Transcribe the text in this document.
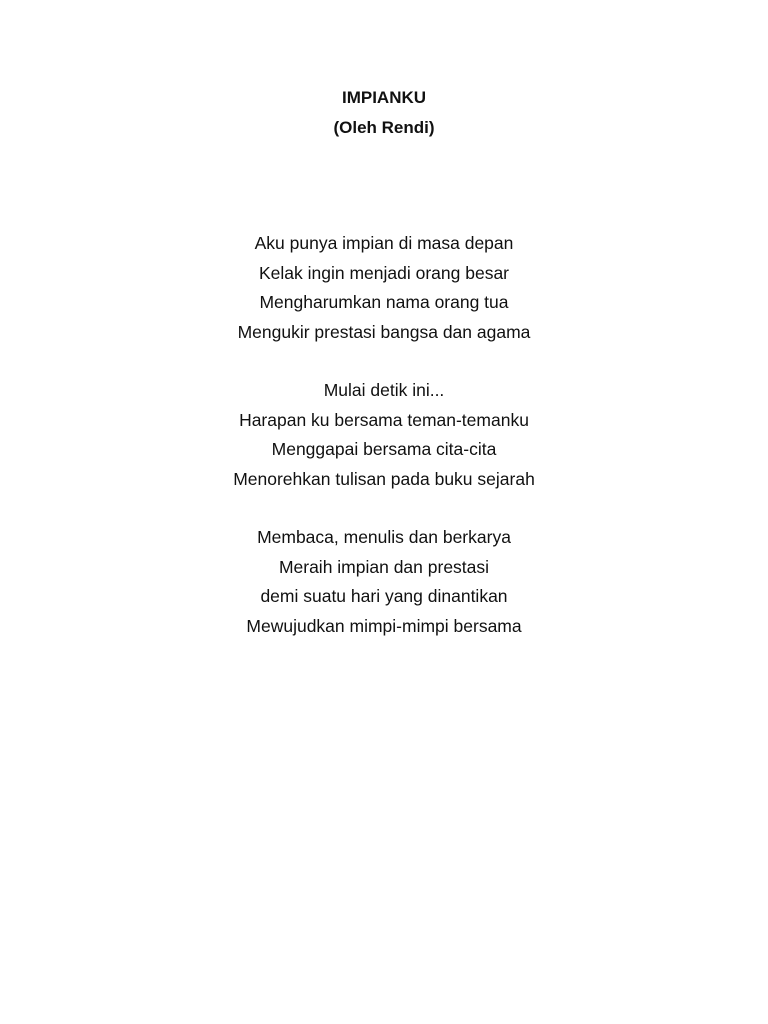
IMPIANKU
(Oleh Rendi)
Aku punya impian di masa depan
Kelak ingin menjadi orang besar
Mengharumkan nama orang tua
Mengukir prestasi bangsa dan agama
Mulai detik ini...
Harapan ku bersama teman-temanku
Menggapai bersama cita-cita
Menorehkan tulisan pada buku sejarah
Membaca, menulis dan berkarya
Meraih impian dan prestasi
demi suatu hari yang dinantikan
Mewujudkan mimpi-mimpi bersama
